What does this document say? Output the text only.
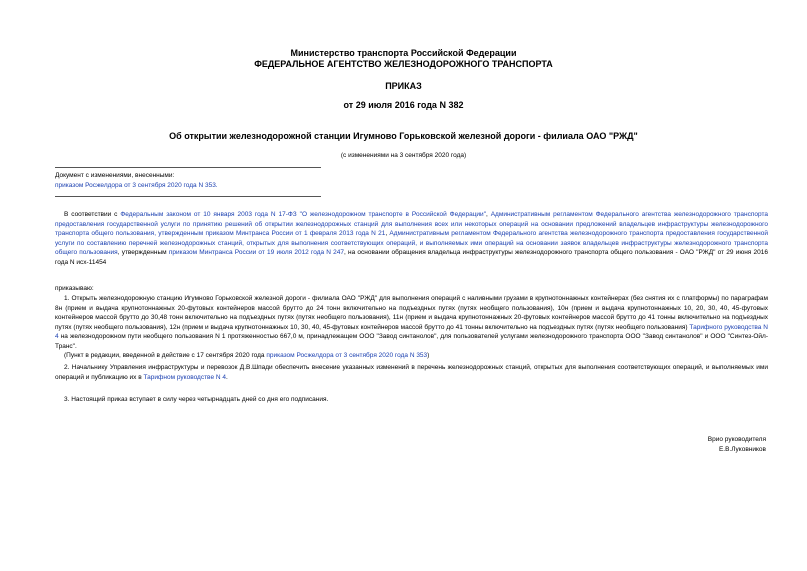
Министерство транспорта Российской Федерации
ФЕДЕРАЛЬНОЕ АГЕНТСТВО ЖЕЛЕЗНОДОРОЖНОГО ТРАНСПОРТА
ПРИКАЗ
от 29 июля 2016 года N 382
Об открытии железнодорожной станции Игумново Горьковской железной дороги - филиала ОАО "РЖД"
(с изменениями на 3 сентября 2020 года)
Документ с изменениями, внесенными:
приказом Росжелдора от 3 сентября 2020 года N 353.

В соответствии с Федеральным законом от 10 января 2003 года N 17-ФЗ "О железнодорожном транспорте в Российской Федерации", Административным регламентом Федерального агентства железнодорожного транспорта предоставления государственной услуги по принятию решений об открытии железнодорожных станций для выполнения всех или некоторых операций на основании предложений владельцев инфраструктуры железнодорожного транспорта общего пользования, утвержденным приказом Минтранса России от 1 февраля 2013 года N 21, Административным регламентом Федерального агентства железнодорожного транспорта предоставления государственной услуги по составлению перечней железнодорожных станций, открытых для выполнения соответствующих операций, и выполняемых ими операций на основании заявок владельцев инфраструктуры железнодорожного транспорта общего пользования, утвержденным приказом Минтранса России от 19 июля 2012 года N 247, на основании обращения владельца инфраструктуры железнодорожного транспорта общего пользования - ОАО "РЖД" от 29 июня 2016 года N исх-11454

приказываю:

1. Открыть железнодорожную станцию Игумново Горьковской железной дороги - филиала ОАО "РЖД" для выполнения операций с наливными грузами в крупнотоннажных контейнерах (без снятия их с платформы) по параграфам 8н (прием и выдача крупнотоннажных 20-футовых контейнеров массой брутто до 24 тонн включительно на подъездных путях (путях необщего пользования), 10н (прием и выдача крупнотоннажных 10, 20, 30, 40, 45-футовых контейнеров массой брутто до 30,48 тонн включительно на подъездных путях (путях необщего пользования), 11н (прием и выдача крупнотоннажных 20-футовых контейнеров массой брутто до 41 тонны включительно на подъездных путях (путях необщего пользования), 12н (прием и выдача крупнотоннажных 10, 30, 40, 45-футовых контейнеров массой брутто до 41 тонны включительно на подъездных путях (путях необщего пользования) Тарифного руководства N 4 на железнодорожном пути необщего пользования N 1 протяженностью 667,0 м, принадлежащем ООО "Завод синтанолов", для пользователей услугами железнодорожного транспорта ООО "Завод синтанолов" и ООО "Синтез-Ойл-Транс".

(Пункт в редакции, введенной в действие с 17 сентября 2020 года приказом Росжелдора от 3 сентября 2020 года N 353)

2. Начальнику Управления инфраструктуры и перевозок Д.В.Шпади обеспечить внесение указанных изменений в перечень железнодорожных станций, открытых для выполнения соответствующих операций, и выполняемых ими операций и публикацию их в Тарифном руководстве N 4.

3. Настоящий приказ вступает в силу через четырнадцать дней со дня его подписания.

Врио руководителя
Е.В.Луковников
